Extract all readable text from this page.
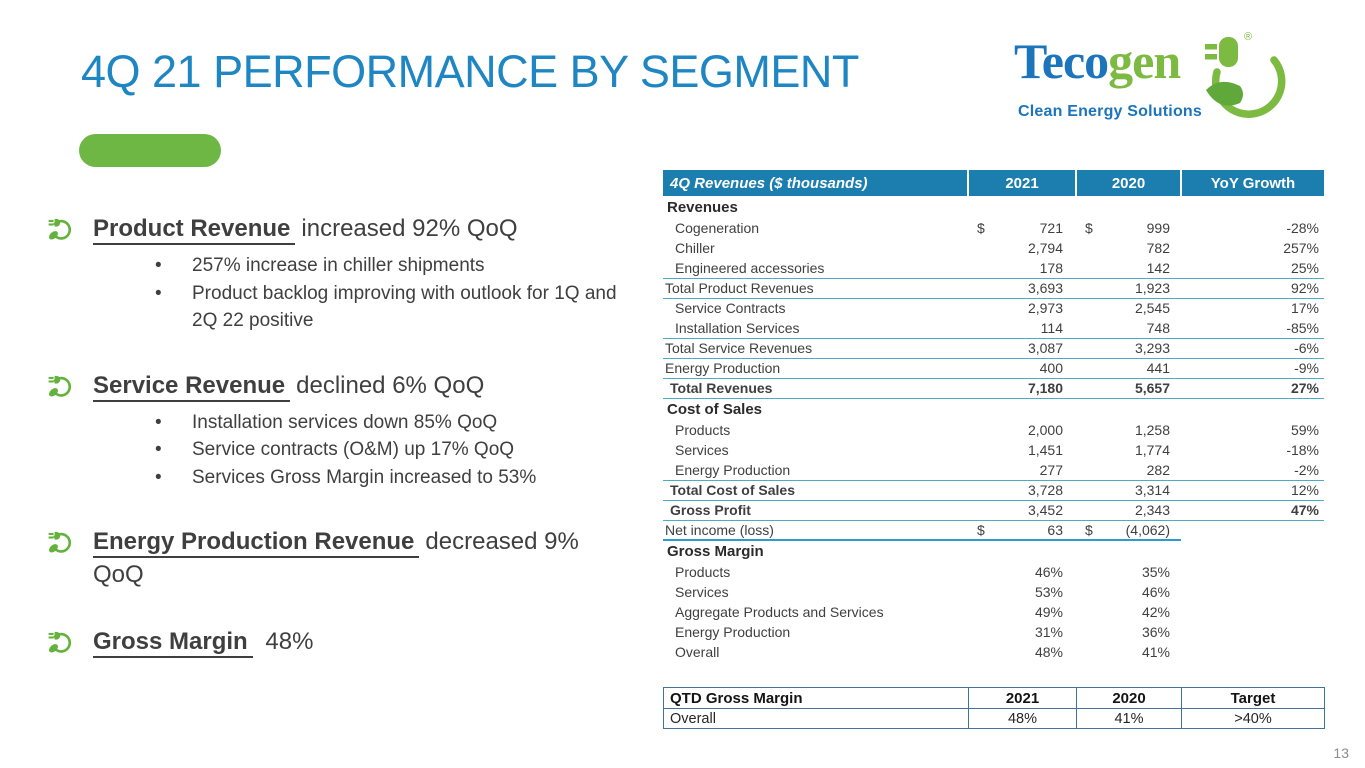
4Q 21 PERFORMANCE BY SEGMENT
®
Tecogen
Clean Energy Solutions
Product Revenue increased 92% QoQ
•	257% increase in chiller shipments
•	Product backlog improving with outlook for 1Q and 2Q 22 positive
Service Revenue declined 6% QoQ
•	Installation services down 85% QoQ
•	Service contracts (O&M) up 17% QoQ
•	Services Gross Margin increased to 53%
Energy Production Revenue decreased 9% QoQ
Gross Margin 48%
4Q Revenues ($ thousands)	2021	2020	YoY Growth
Revenues			
Cogeneration	$ 721	$ 999	-28%
Chiller	2,794	782	257%
Engineered accessories	178	142	25%
Total Product Revenues	3,693	1,923	92%
Service Contracts	2,973	2,545	17%
Installation Services	114	748	-85%
Total Service Revenues	3,087	3,293	-6%
Energy Production	400	441	-9%
Total Revenues	7,180	5,657	27%
Cost of Sales			
Products	2,000	1,258	59%
Services	1,451	1,774	-18%
Energy Production	277	282	-2%
Total Cost of Sales	3,728	3,314	12%
Gross Profit	3,452	2,343	47%
Net income (loss)	$ 63	$ (4,062)	

Gross Margin			
Products	46%	35%	

Services	53%	46%	

Aggregate Products and Services	49%	42%	

Energy Production	31%	36%	

Overall	48%	41%	

QTD Gross Margin	2021	2020	Target
Overall	48%	41%	>40%
13
